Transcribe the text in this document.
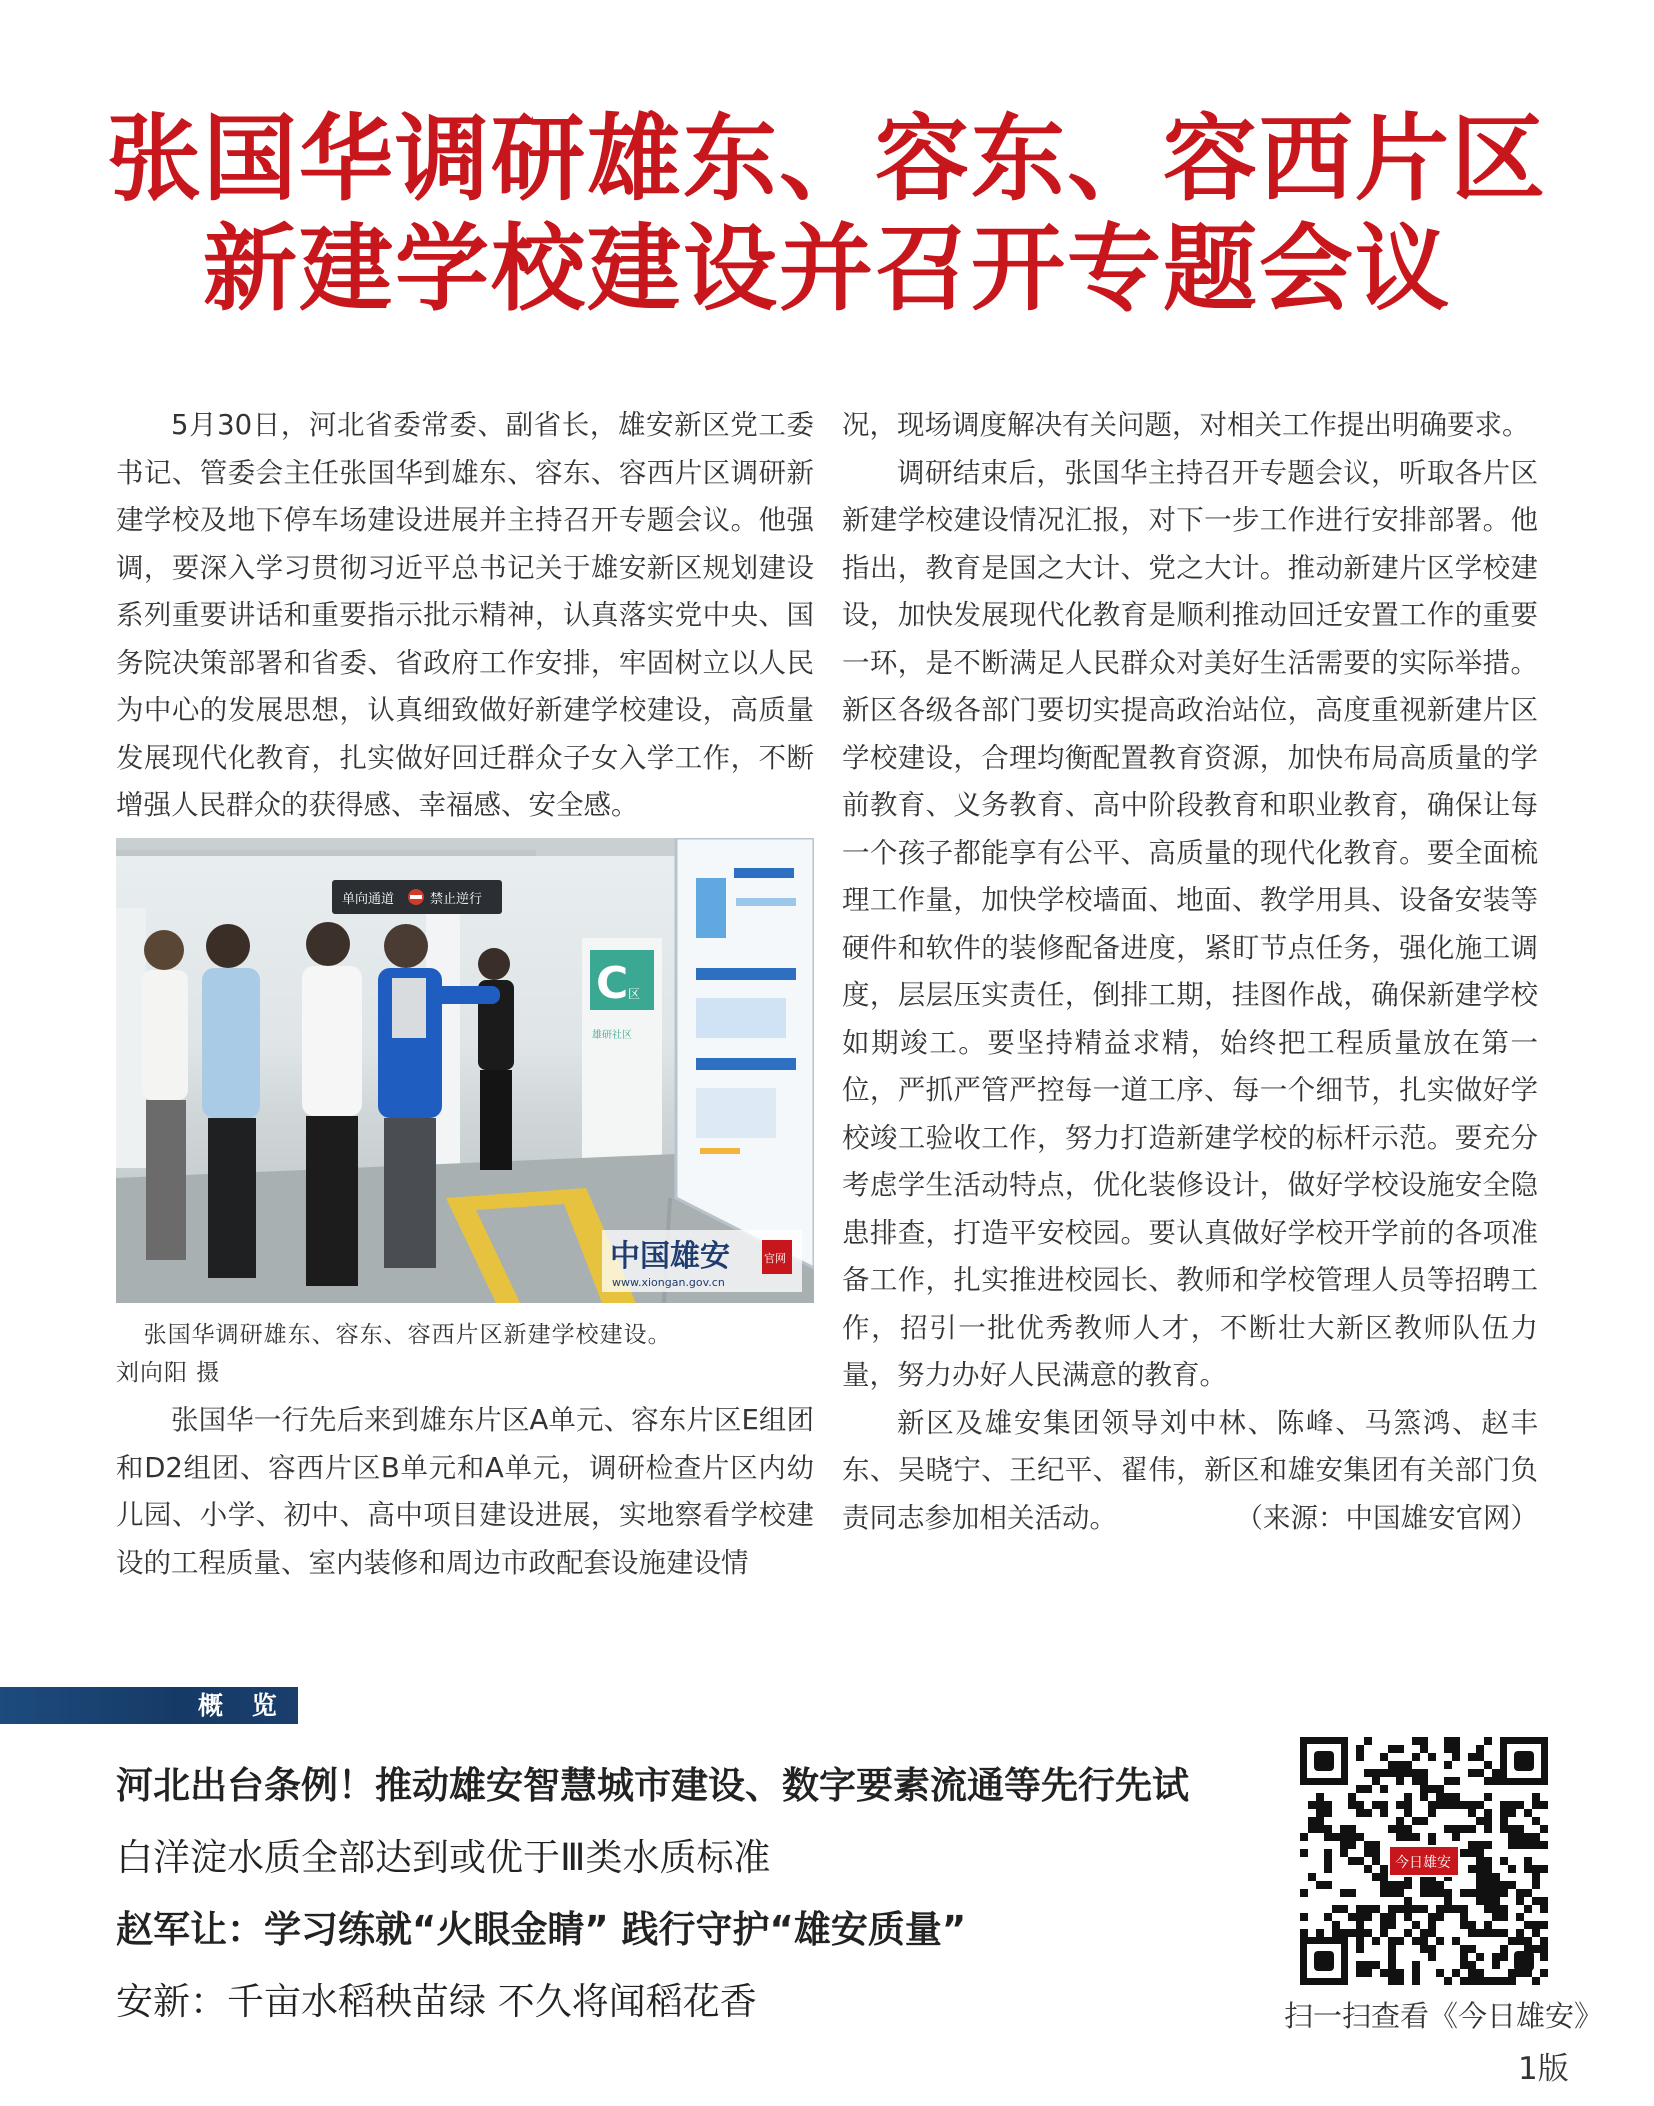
张国华调研雄东、容东、容西片区
新建学校建设并召开专题会议

5月30日，河北省委常委、副省长，雄安新区党工委书记、管委会主任张国华到雄东、容东、容西片区调研新建学校及地下停车场建设进展并主持召开专题会议。他强调，要深入学习贯彻习近平总书记关于雄安新区规划建设系列重要讲话和重要指示批示精神，认真落实党中央、国务院决策部署和省委、省政府工作安排，牢固树立以人民为中心的发展思想，认真细致做好新建学校建设，高质量发展现代化教育，扎实做好回迁群众子女入学工作，不断增强人民群众的获得感、幸福感、安全感。

C 区
雄研社区
单向通道	禁止逆行
中国雄安	官网
www.xiongan.gov.cn
张国华调研雄东、容东、容西片区新建学校建设。
刘向阳 摄

张国华一行先后来到雄东片区A单元、容东片区E组团和D2组团、容西片区B单元和A单元，调研检查片区内幼儿园、小学、初中、高中项目建设进展，实地察看学校建设的工程质量、室内装修和周边市政配套设施建设情

况，现场调度解决有关问题，对相关工作提出明确要求。

调研结束后，张国华主持召开专题会议，听取各片区新建学校建设情况汇报，对下一步工作进行安排部署。他指出，教育是国之大计、党之大计。推动新建片区学校建设，加快发展现代化教育是顺利推动回迁安置工作的重要一环，是不断满足人民群众对美好生活需要的实际举措。新区各级各部门要切实提高政治站位，高度重视新建片区学校建设，合理均衡配置教育资源，加快布局高质量的学前教育、义务教育、高中阶段教育和职业教育，确保让每一个孩子都能享有公平、高质量的现代化教育。要全面梳理工作量，加快学校墙面、地面、教学用具、设备安装等硬件和软件的装修配备进度，紧盯节点任务，强化施工调度，层层压实责任，倒排工期，挂图作战，确保新建学校如期竣工。要坚持精益求精，始终把工程质量放在第一位，严抓严管严控每一道工序、每一个细节，扎实做好学校竣工验收工作，努力打造新建学校的标杆示范。要充分考虑学生活动特点，优化装修设计，做好学校设施安全隐患排查，打造平安校园。要认真做好学校开学前的各项准备工作，扎实推进校园长、教师和学校管理人员等招聘工作，招引一批优秀教师人才，不断壮大新区教师队伍力量，努力办好人民满意的教育。

新区及雄安集团领导刘中林、陈峰、马篜鸿、赵丰东、吴晓宁、王纪平、翟伟，新区和雄安集团有关部门负责同志参加相关活动。	（来源：中国雄安官网）

概 览
河北出台条例！推动雄安智慧城市建设、数字要素流通等先行先试
白洋淀水质全部达到或优于Ⅲ类水质标准
赵军让：学习练就“火眼金睛” 践行守护“雄安质量”
安新：千亩水稻秧苗绿 不久将闻稻花香
今日雄安
扫一扫查看《今日雄安》
1版
